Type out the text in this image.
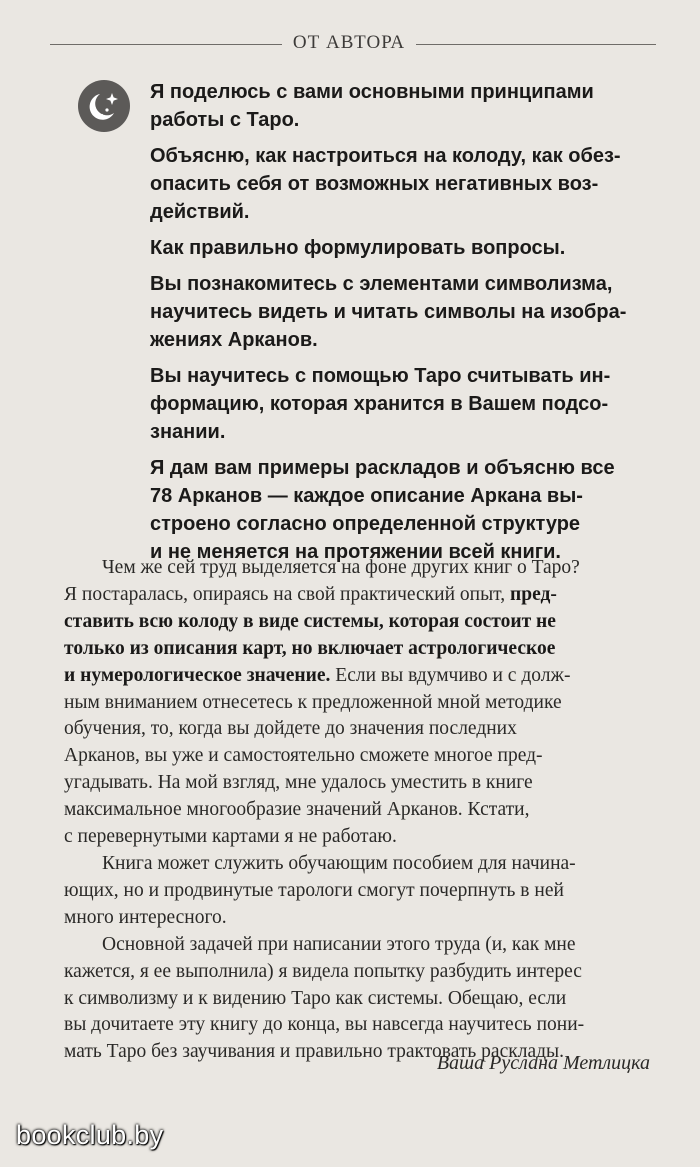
ОТ АВТОРА

Я поделюсь с вами основными принципами
работы с Таро.

Объясню, как настроиться на колоду, как обез-
опасить себя от возможных негативных воз-
действий.

Как правильно формулировать вопросы.

Вы познакомитесь с элементами символизма,
научитесь видеть и читать символы на изобра-
жениях Арканов.

Вы научитесь с помощью Таро считывать ин-
формацию, которая хранится в Вашем подсо-
знании.

Я дам вам примеры раскладов и объясню все
78 Арканов — каждое описание Аркана вы-
строено согласно определенной структуре
и не меняется на протяжении всей книги.

Чем же сей труд выделяется на фоне других книг о Таро?
Я постаралась, опираясь на свой практический опыт, пред-
ставить всю колоду в виде системы, которая состоит не
только из описания карт, но включает астрологическое
и нумерологическое значение. Если вы вдумчиво и с долж-
ным вниманием отнесетесь к предложенной мной методике
обучения, то, когда вы дойдете до значения последних
Арканов, вы уже и самостоятельно сможете многое пред-
угадывать. На мой взгляд, мне удалось уместить в книге
максимальное многообразие значений Арканов. Кстати,
с перевернутыми картами я не работаю.
Книга может служить обучающим пособием для начина-
ющих, но и продвинутые тарологи смогут почерпнуть в ней
много интересного.
Основной задачей при написании этого труда (и, как мне
кажется, я ее выполнила) я видела попытку разбудить интерес
к символизму и к видению Таро как системы. Обещаю, если
вы дочитаете эту книгу до конца, вы навсегда научитесь пони-
мать Таро без заучивания и правильно трактовать расклады.
Ваша Руслана Метлицка
bookclub.by
